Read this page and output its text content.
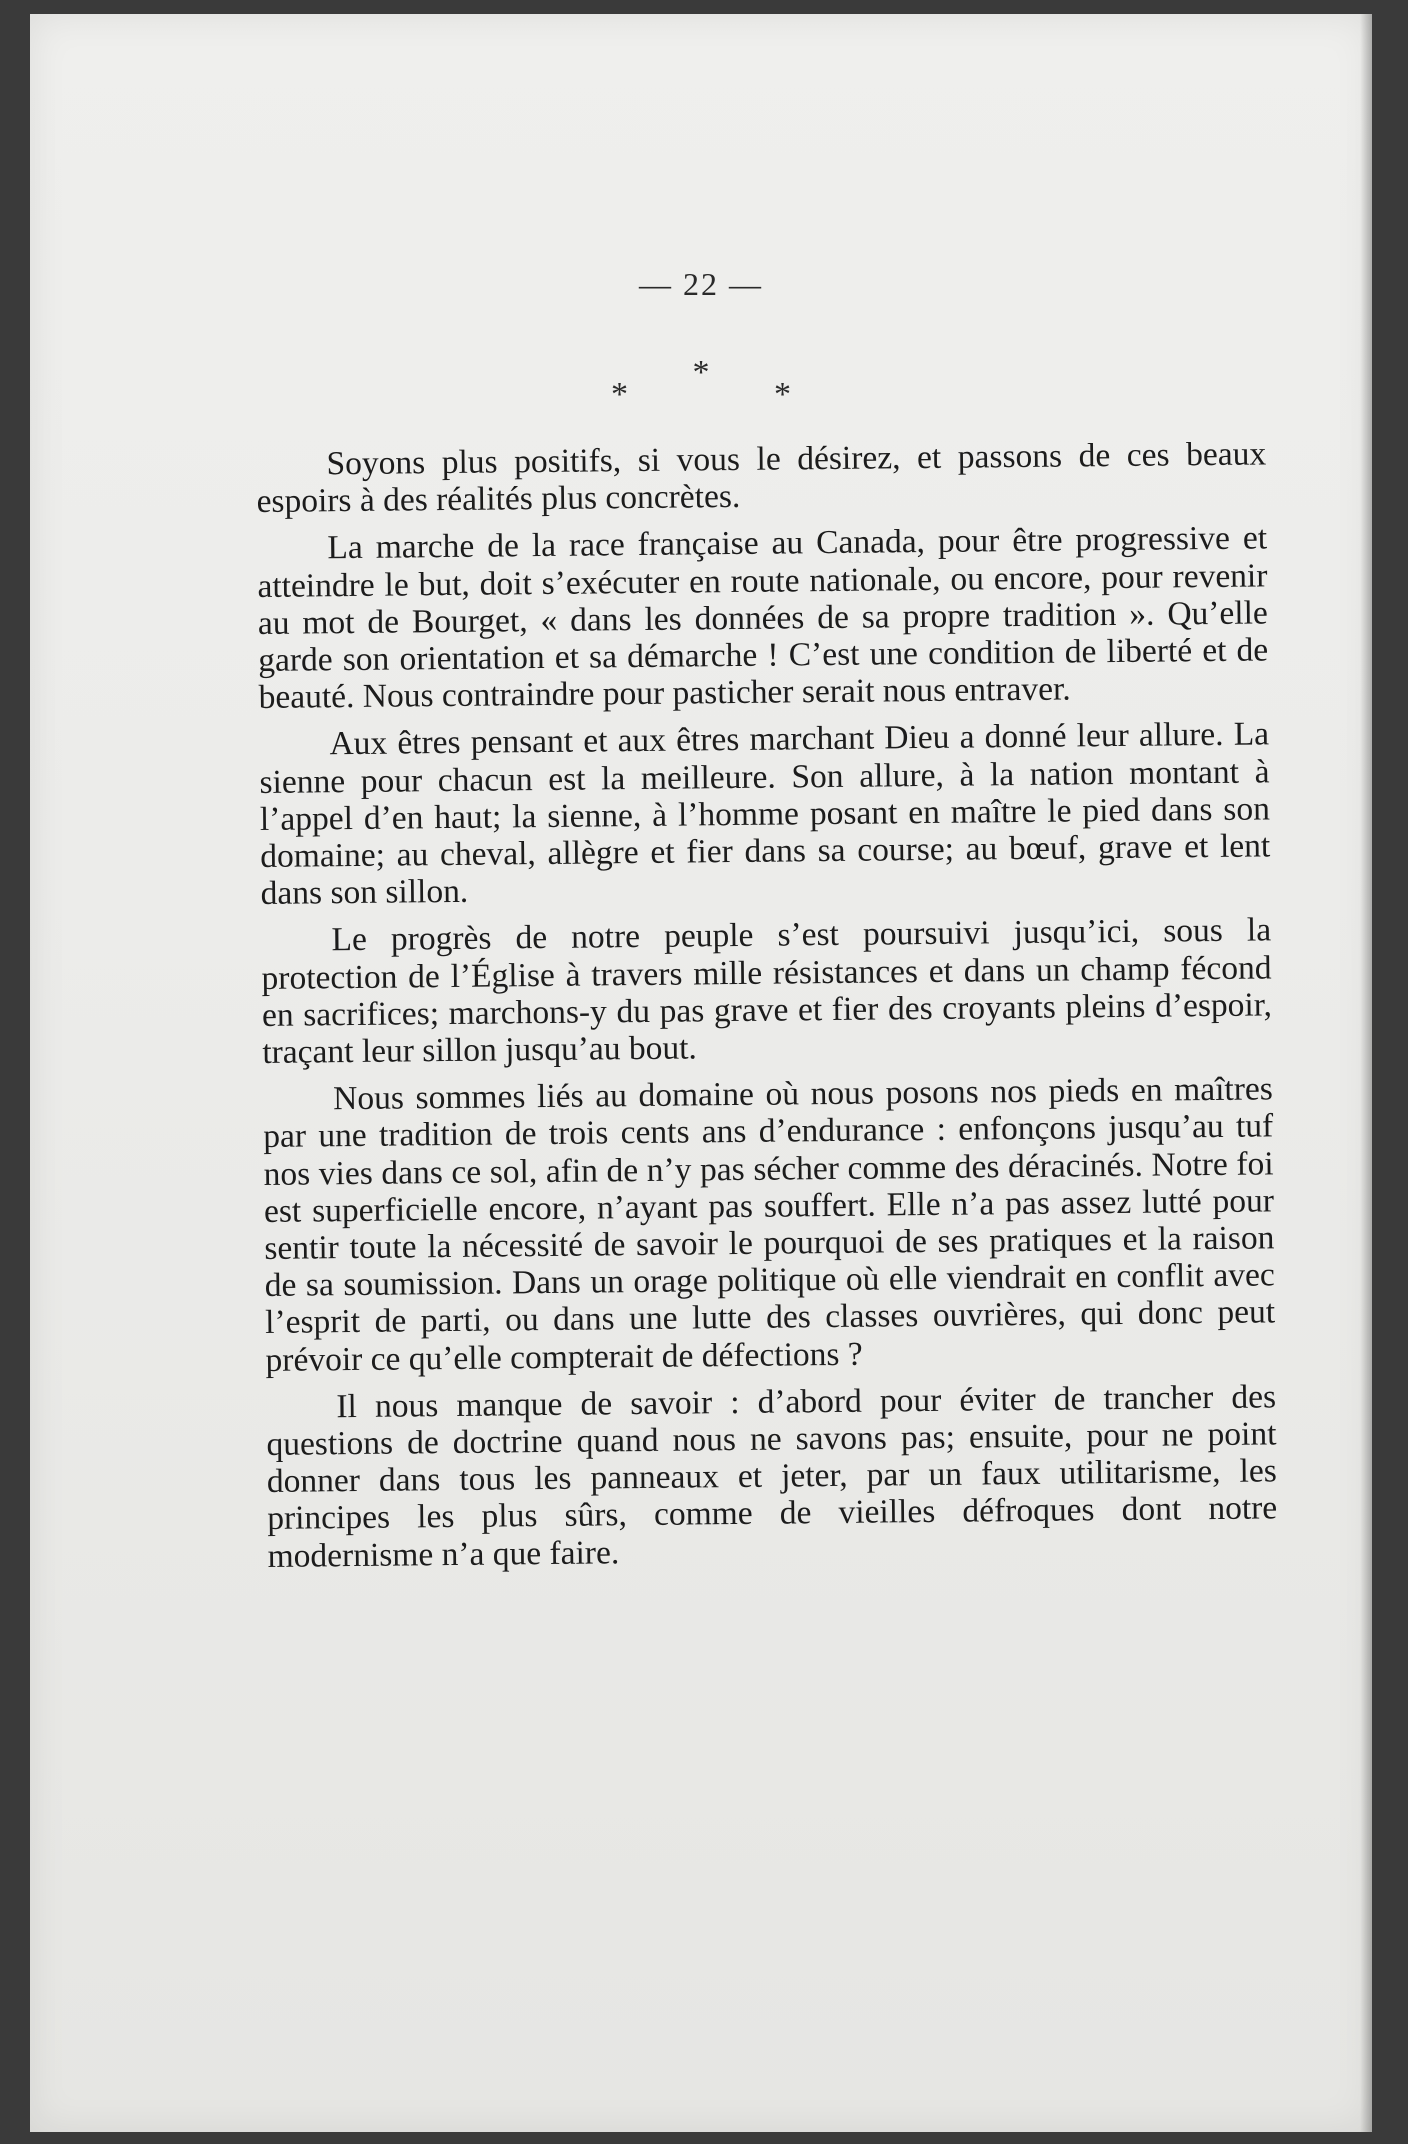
— 22 —
* * *

Soyons plus positifs, si vous le désirez, et passons de ces beaux espoirs à des réalités plus concrètes.

La marche de la race française au Canada, pour être progressive et atteindre le but, doit s’exécuter en route nationale, ou encore, pour revenir au mot de Bourget, « dans les données de sa propre tradition ». Qu’elle garde son orientation et sa démarche ! C’est une condition de liberté et de beauté. Nous contraindre pour pasticher serait nous entraver.

Aux êtres pensant et aux êtres marchant Dieu a donné leur allure. La sienne pour chacun est la meilleure. Son allure, à la nation montant à l’appel d’en haut; la sienne, à l’homme posant en maître le pied dans son domaine; au cheval, allègre et fier dans sa course; au bœuf, grave et lent dans son sillon.

Le progrès de notre peuple s’est poursuivi jusqu’ici, sous la protection de l’Église à travers mille résistances et dans un champ fécond en sacrifices; marchons-y du pas grave et fier des croyants pleins d’espoir, traçant leur sillon jusqu’au bout.

Nous sommes liés au domaine où nous posons nos pieds en maîtres par une tradition de trois cents ans d’endurance : enfonçons jusqu’au tuf nos vies dans ce sol, afin de n’y pas sécher comme des déracinés. Notre foi est superficielle encore, n’ayant pas souffert. Elle n’a pas assez lutté pour sentir toute la nécessité de savoir le pourquoi de ses pratiques et la raison de sa soumission. Dans un orage politique où elle viendrait en conflit avec l’esprit de parti, ou dans une lutte des classes ouvrières, qui donc peut prévoir ce qu’elle compterait de défections ?

Il nous manque de savoir : d’abord pour éviter de trancher des questions de doctrine quand nous ne savons pas; ensuite, pour ne point donner dans tous les panneaux et jeter, par un faux utilitarisme, les principes les plus sûrs, comme de vieilles défroques dont notre modernisme n’a que faire.
